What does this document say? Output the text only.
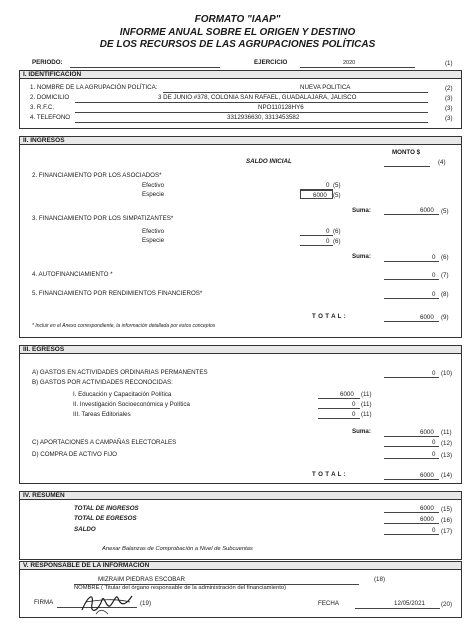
FORMATO "IAAP"
INFORME ANUAL SOBRE EL ORIGEN Y DESTINO
DE LOS RECURSOS DE LAS AGRUPACIONES POLÍTICAS
PERIODO:	EJERCICIO	2020	(1)
I. IDENTIFICACIÓN
1. NOMBRE DE LA AGRUPACIÓN POLÍTICA:	NUEVA POLITICA	(2)
2. DOMICILIO	3 DE JUNIO #378, COLONIA SAN RAFAEL, GUADALAJARA, JALISCO	(3)
3. R.F.C.	NPO110128HY6	(3)
4. TELEFONO	3312936630, 3313453582	(3)
II. INGRESOS
MONTO $
SALDO INICIAL	(4)
2. FINANCIAMIENTO POR LOS ASOCIADOS*
Efectivo	0 (5)
Especie	6000 (5)
Suma:	6000 (5)
3. FINANCIAMIENTO POR LOS SIMPATIZANTES*
Efectivo	0 (6)
Especie	0 (6)
Suma:	0 (6)
4. AUTOFINANCIAMIENTO *	0 (7)
5. FINANCIAMIENTO POR RENDIMIENTOS FINANCIEROS*	0 (8)
T O T A L :	6000 (9)
* Incluir en el Anexo correspondiente, la información detallada por estos conceptos
III. EGRESOS
A) GASTOS EN ACTIVIDADES ORDINARIAS PERMANENTES	0 (10)
B) GASTOS POR ACTIVIDADES RECONOCIDAS:
I. Educación y Capacitación Política	6000 (11)
II. Investigación Socioeconómica y Política	0 (11)
III. Tareas Editoriales	0 (11)
Suma:	6000 (11)
C) APORTACIONES A CAMPAÑAS ELECTORALES	0 (12)
D) COMPRA DE ACTIVO FIJO	0 (13)
T O T A L :	6000 (14)
IV. RESUMEN
TOTAL DE INGRESOS	6000 (15)
TOTAL DE EGRESOS	6000 (16)
SALDO	0 (17)
Anexar Balanzas de Comprobación a Nivel de Subcuentas
V. RESPONSABLE DE LA INFORMACIÓN
MIZRAIM PIEDRAS ESCOBAR	(18)
NOMBRE ( Titular del órgano responsable de la administración del financiamiento)
FIRMA	(19)	FECHA	12/05/2021	(20)
